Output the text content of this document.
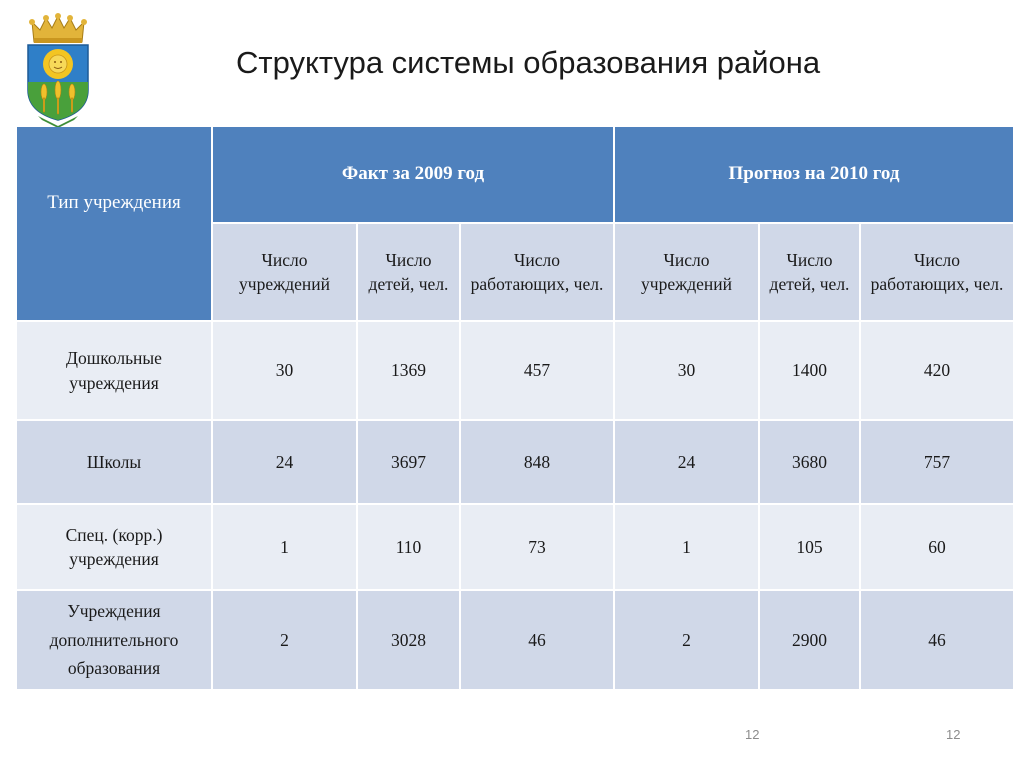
Структура системы образования района
Тип учреждения	Факт за 2009 год			Прогноз на 2010 год		
	Число учреждений	Число детей, чел.	Число работающих, чел.	Число учреждений	Число детей, чел.	Число работающих, чел.
Дошкольные учреждения	30	1369	457	30	1400	420
Школы	24	3697	848	24	3680	757
Спец. (корр.) учреждения	1	110	73	1	105	60
Учреждения дополнительного образования	2	3028	46	2	2900	46
12	12
